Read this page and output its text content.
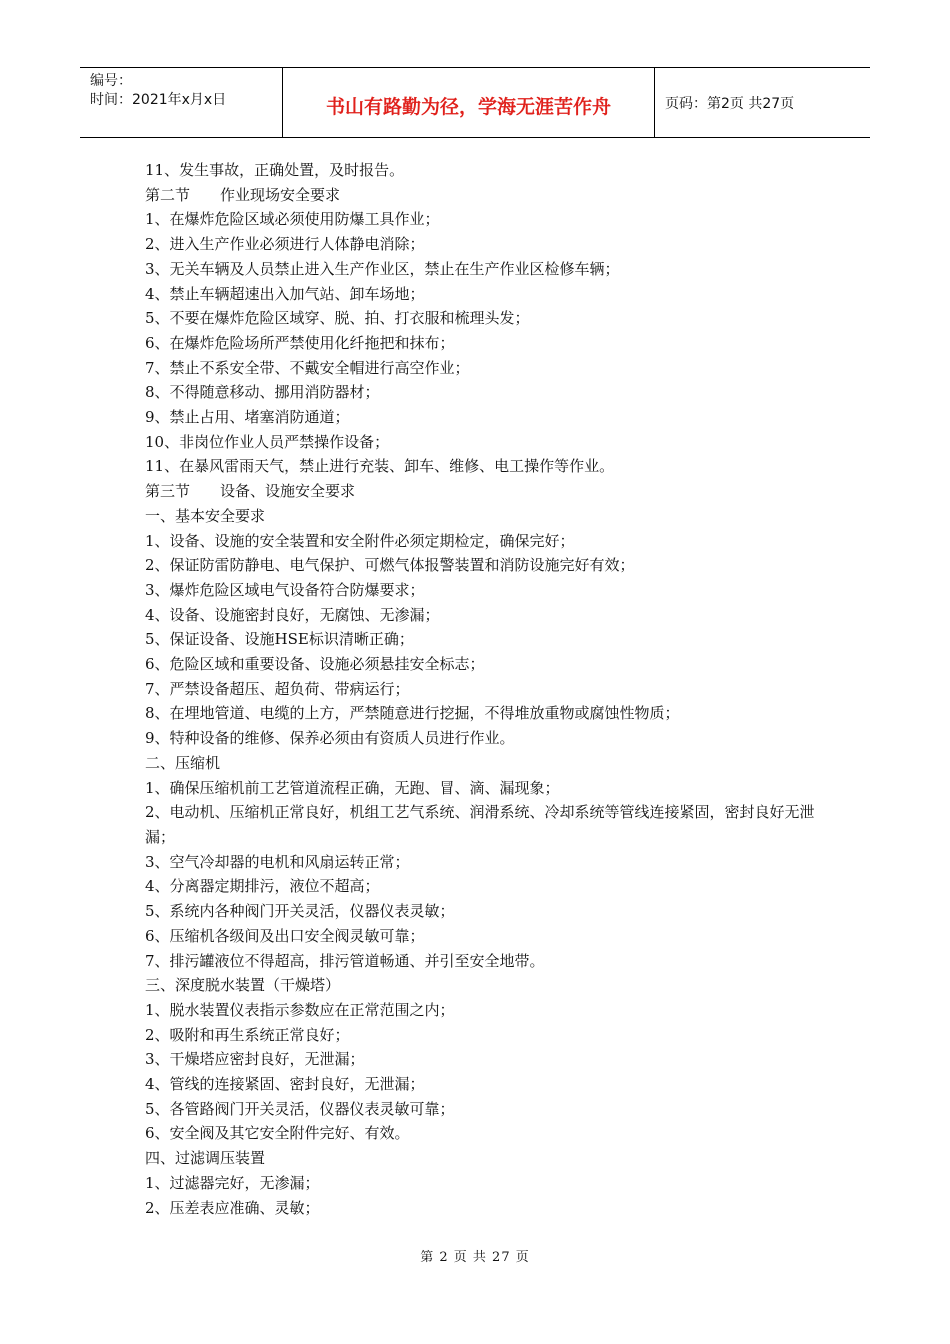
编号：
时间：2021年x月x日	书山有路勤为径，学海无涯苦作舟	页码：第2页 共27页
11、发生事故，正确处置，及时报告。
第二节　　作业现场安全要求
1、在爆炸危险区域必须使用防爆工具作业；
2、进入生产作业必须进行人体静电消除；
3、无关车辆及人员禁止进入生产作业区，禁止在生产作业区检修车辆；
4、禁止车辆超速出入加气站、卸车场地；
5、不要在爆炸危险区域穿、脱、拍、打衣服和梳理头发；
6、在爆炸危险场所严禁使用化纤拖把和抹布；
7、禁止不系安全带、不戴安全帽进行高空作业；
8、不得随意移动、挪用消防器材；
9、禁止占用、堵塞消防通道；
10、非岗位作业人员严禁操作设备；
11、在暴风雷雨天气，禁止进行充装、卸车、维修、电工操作等作业。
第三节　　设备、设施安全要求
一、基本安全要求
1、设备、设施的安全装置和安全附件必须定期检定，确保完好；
2、保证防雷防静电、电气保护、可燃气体报警装置和消防设施完好有效；
3、爆炸危险区域电气设备符合防爆要求；
4、设备、设施密封良好，无腐蚀、无渗漏；
5、保证设备、设施HSE标识清晰正确；
6、危险区域和重要设备、设施必须悬挂安全标志；
7、严禁设备超压、超负荷、带病运行；
8、在埋地管道、电缆的上方，严禁随意进行挖掘，不得堆放重物或腐蚀性物质；
9、特种设备的维修、保养必须由有资质人员进行作业。
二、压缩机
1、确保压缩机前工艺管道流程正确，无跑、冒、滴、漏现象；
2、电动机、压缩机正常良好，机组工艺气系统、润滑系统、冷却系统等管线连接紧固，密封良好无泄漏；
3、空气冷却器的电机和风扇运转正常；
4、分离器定期排污，液位不超高；
5、系统内各种阀门开关灵活，仪器仪表灵敏；
6、压缩机各级间及出口安全阀灵敏可靠；
7、排污罐液位不得超高，排污管道畅通、并引至安全地带。
三、深度脱水装置（干燥塔）
1、脱水装置仪表指示参数应在正常范围之内；
2、吸附和再生系统正常良好；
3、干燥塔应密封良好，无泄漏；
4、管线的连接紧固、密封良好，无泄漏；
5、各管路阀门开关灵活，仪器仪表灵敏可靠；
6、安全阀及其它安全附件完好、有效。
四、过滤调压装置
1、过滤器完好，无渗漏；
2、压差表应准确、灵敏；
第 2 页 共 27 页
